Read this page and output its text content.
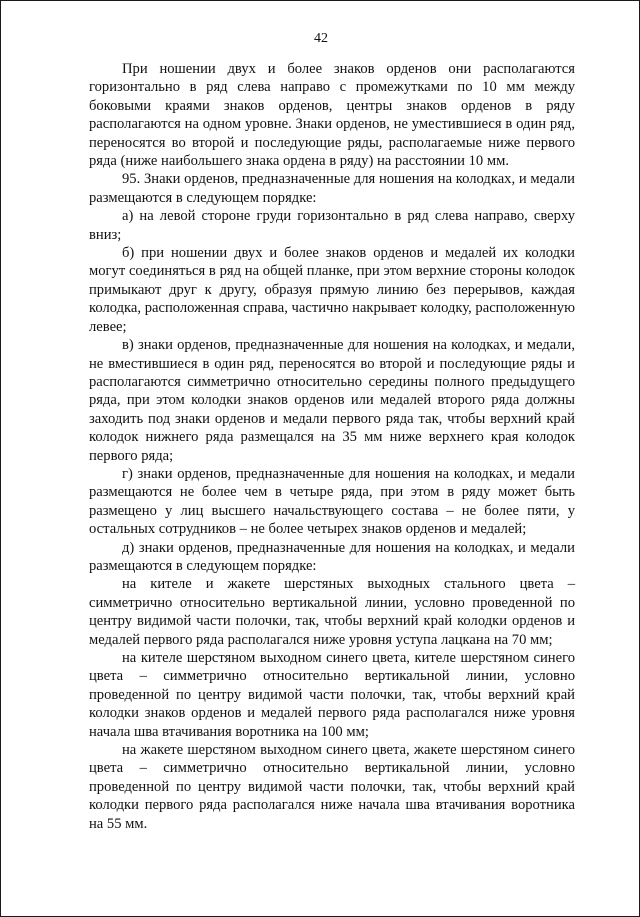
42

При ношении двух и более знаков орденов они располагаются горизонтально в ряд слева направо с промежутками по 10 мм между боковыми краями знаков орденов, центры знаков орденов в ряду располагаются на одном уровне. Знаки орденов, не уместившиеся в один ряд, переносятся во второй и последующие ряды, располагаемые ниже первого ряда (ниже наибольшего знака ордена в ряду) на расстоянии 10 мм.

95. Знаки орденов, предназначенные для ношения на колодках, и медали размещаются в следующем порядке:

а) на левой стороне груди горизонтально в ряд слева направо, сверху вниз;

б) при ношении двух и более знаков орденов и медалей их колодки могут соединяться в ряд на общей планке, при этом верхние стороны колодок примыкают друг к другу, образуя прямую линию без перерывов, каждая колодка, расположенная справа, частично накрывает колодку, расположенную левее;

в) знаки орденов, предназначенные для ношения на колодках, и медали, не вместившиеся в один ряд, переносятся во второй и последующие ряды и располагаются симметрично относительно середины полного предыдущего ряда, при этом колодки знаков орденов или медалей второго ряда должны заходить под знаки орденов и медали первого ряда так, чтобы верхний край колодок нижнего ряда размещался на 35 мм ниже верхнего края колодок первого ряда;

г) знаки орденов, предназначенные для ношения на колодках, и медали размещаются не более чем в четыре ряда, при этом в ряду может быть размещено у лиц высшего начальствующего состава – не более пяти, у остальных сотрудников – не более четырех знаков орденов и медалей;

д) знаки орденов, предназначенные для ношения на колодках, и медали размещаются в следующем порядке:

на кителе и жакете шерстяных выходных стального цвета – симметрично относительно вертикальной линии, условно проведенной по центру видимой части полочки, так, чтобы верхний край колодки орденов и медалей первого ряда располагался ниже уровня уступа лацкана на 70 мм;

на кителе шерстяном выходном синего цвета, кителе шерстяном синего цвета – симметрично относительно вертикальной линии, условно проведенной по центру видимой части полочки, так, чтобы верхний край колодки знаков орденов и медалей первого ряда располагался ниже уровня начала шва втачивания воротника на 100 мм;

на жакете шерстяном выходном синего цвета, жакете шерстяном синего цвета – симметрично относительно вертикальной линии, условно проведенной по центру видимой части полочки, так, чтобы верхний край колодки первого ряда располагался ниже начала шва втачивания воротника на 55 мм.
